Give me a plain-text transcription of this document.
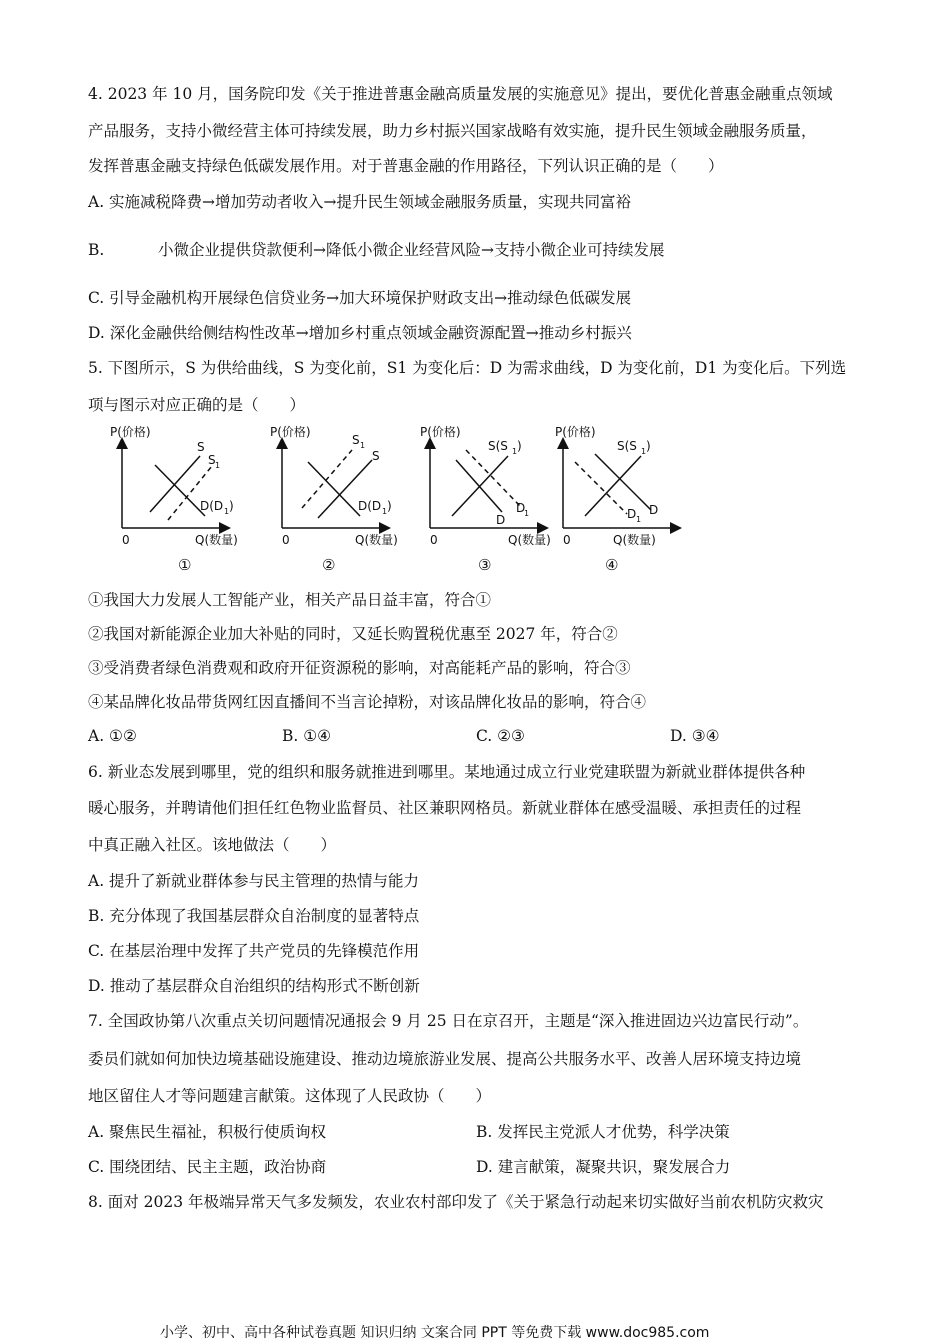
4. 2023 年 10 月，国务院印发《关于推进普惠金融高质量发展的实施意见》提出，要优化普惠金融重点领域
产品服务，支持小微经营主体可持续发展，助力乡村振兴国家战略有效实施，提升民生领域金融服务质量，
发挥普惠金融支持绿色低碳发展作用。对于普惠金融的作用路径，下列认识正确的是（　　）
A. 实施减税降费→增加劳动者收入→提升民生领域金融服务质量，实现共同富裕
B.	小微企业提供贷款便利→降低小微企业经营风险→支持小微企业可持续发展
C. 引导金融机构开展绿色信贷业务→加大环境保护财政支出→推动绿色低碳发展
D. 深化金融供给侧结构性改革→增加乡村重点领域金融资源配置→推动乡村振兴
5. 下图所示，S 为供给曲线，S 为变化前，S1 为变化后：D 为需求曲线，D 为变化前，D1 为变化后。下列选
项与图示对应正确的是（　　）
P(价格)
0	Q(数量)
S
S 1
D(D 1 )
①
P(价格)
0	Q(数量)
S 1
S
D(D 1 )
②
P(价格)
0	Q(数量)
S(S 1 )
D
D
1
③
P(价格)
0	Q(数量)
S(S 1 )
D 1
D
④
①我国大力发展人工智能产业，相关产品日益丰富，符合①
②我国对新能源企业加大补贴的同时，又延长购置税优惠至 2027 年，符合②
③受消费者绿色消费观和政府开征资源税的影响，对高能耗产品的影响，符合③
④某品牌化妆品带货网红因直播间不当言论掉粉，对该品牌化妆品的影响，符合④
A. ①②	B. ①④	C. ②③	D. ③④
6. 新业态发展到哪里，党的组织和服务就推进到哪里。某地通过成立行业党建联盟为新就业群体提供各种
暖心服务，并聘请他们担任红色物业监督员、社区兼职网格员。新就业群体在感受温暖、承担责任的过程
中真正融入社区。该地做法（　　）
A. 提升了新就业群体参与民主管理的热情与能力
B. 充分体现了我国基层群众自治制度的显著特点
C. 在基层治理中发挥了共产党员的先锋模范作用
D. 推动了基层群众自治组织的结构形式不断创新
7. 全国政协第八次重点关切问题情况通报会 9 月 25 日在京召开，主题是“深入推进固边兴边富民行动”。
委员们就如何加快边境基础设施建设、推动边境旅游业发展、提高公共服务水平、改善人居环境支持边境
地区留住人才等问题建言献策。这体现了人民政协（　　）
A. 聚焦民生福祉，积极行使质询权	B. 发挥民主党派人才优势，科学决策
C. 围绕团结、民主主题，政治协商	D. 建言献策，凝聚共识，聚发展合力
8. 面对 2023 年极端异常天气多发频发，农业农村部印发了《关于紧急行动起来切实做好当前农机防灾救灾
小学、初中、高中各种试卷真题 知识归纳 文案合同 PPT 等免费下载 www.doc985.com
